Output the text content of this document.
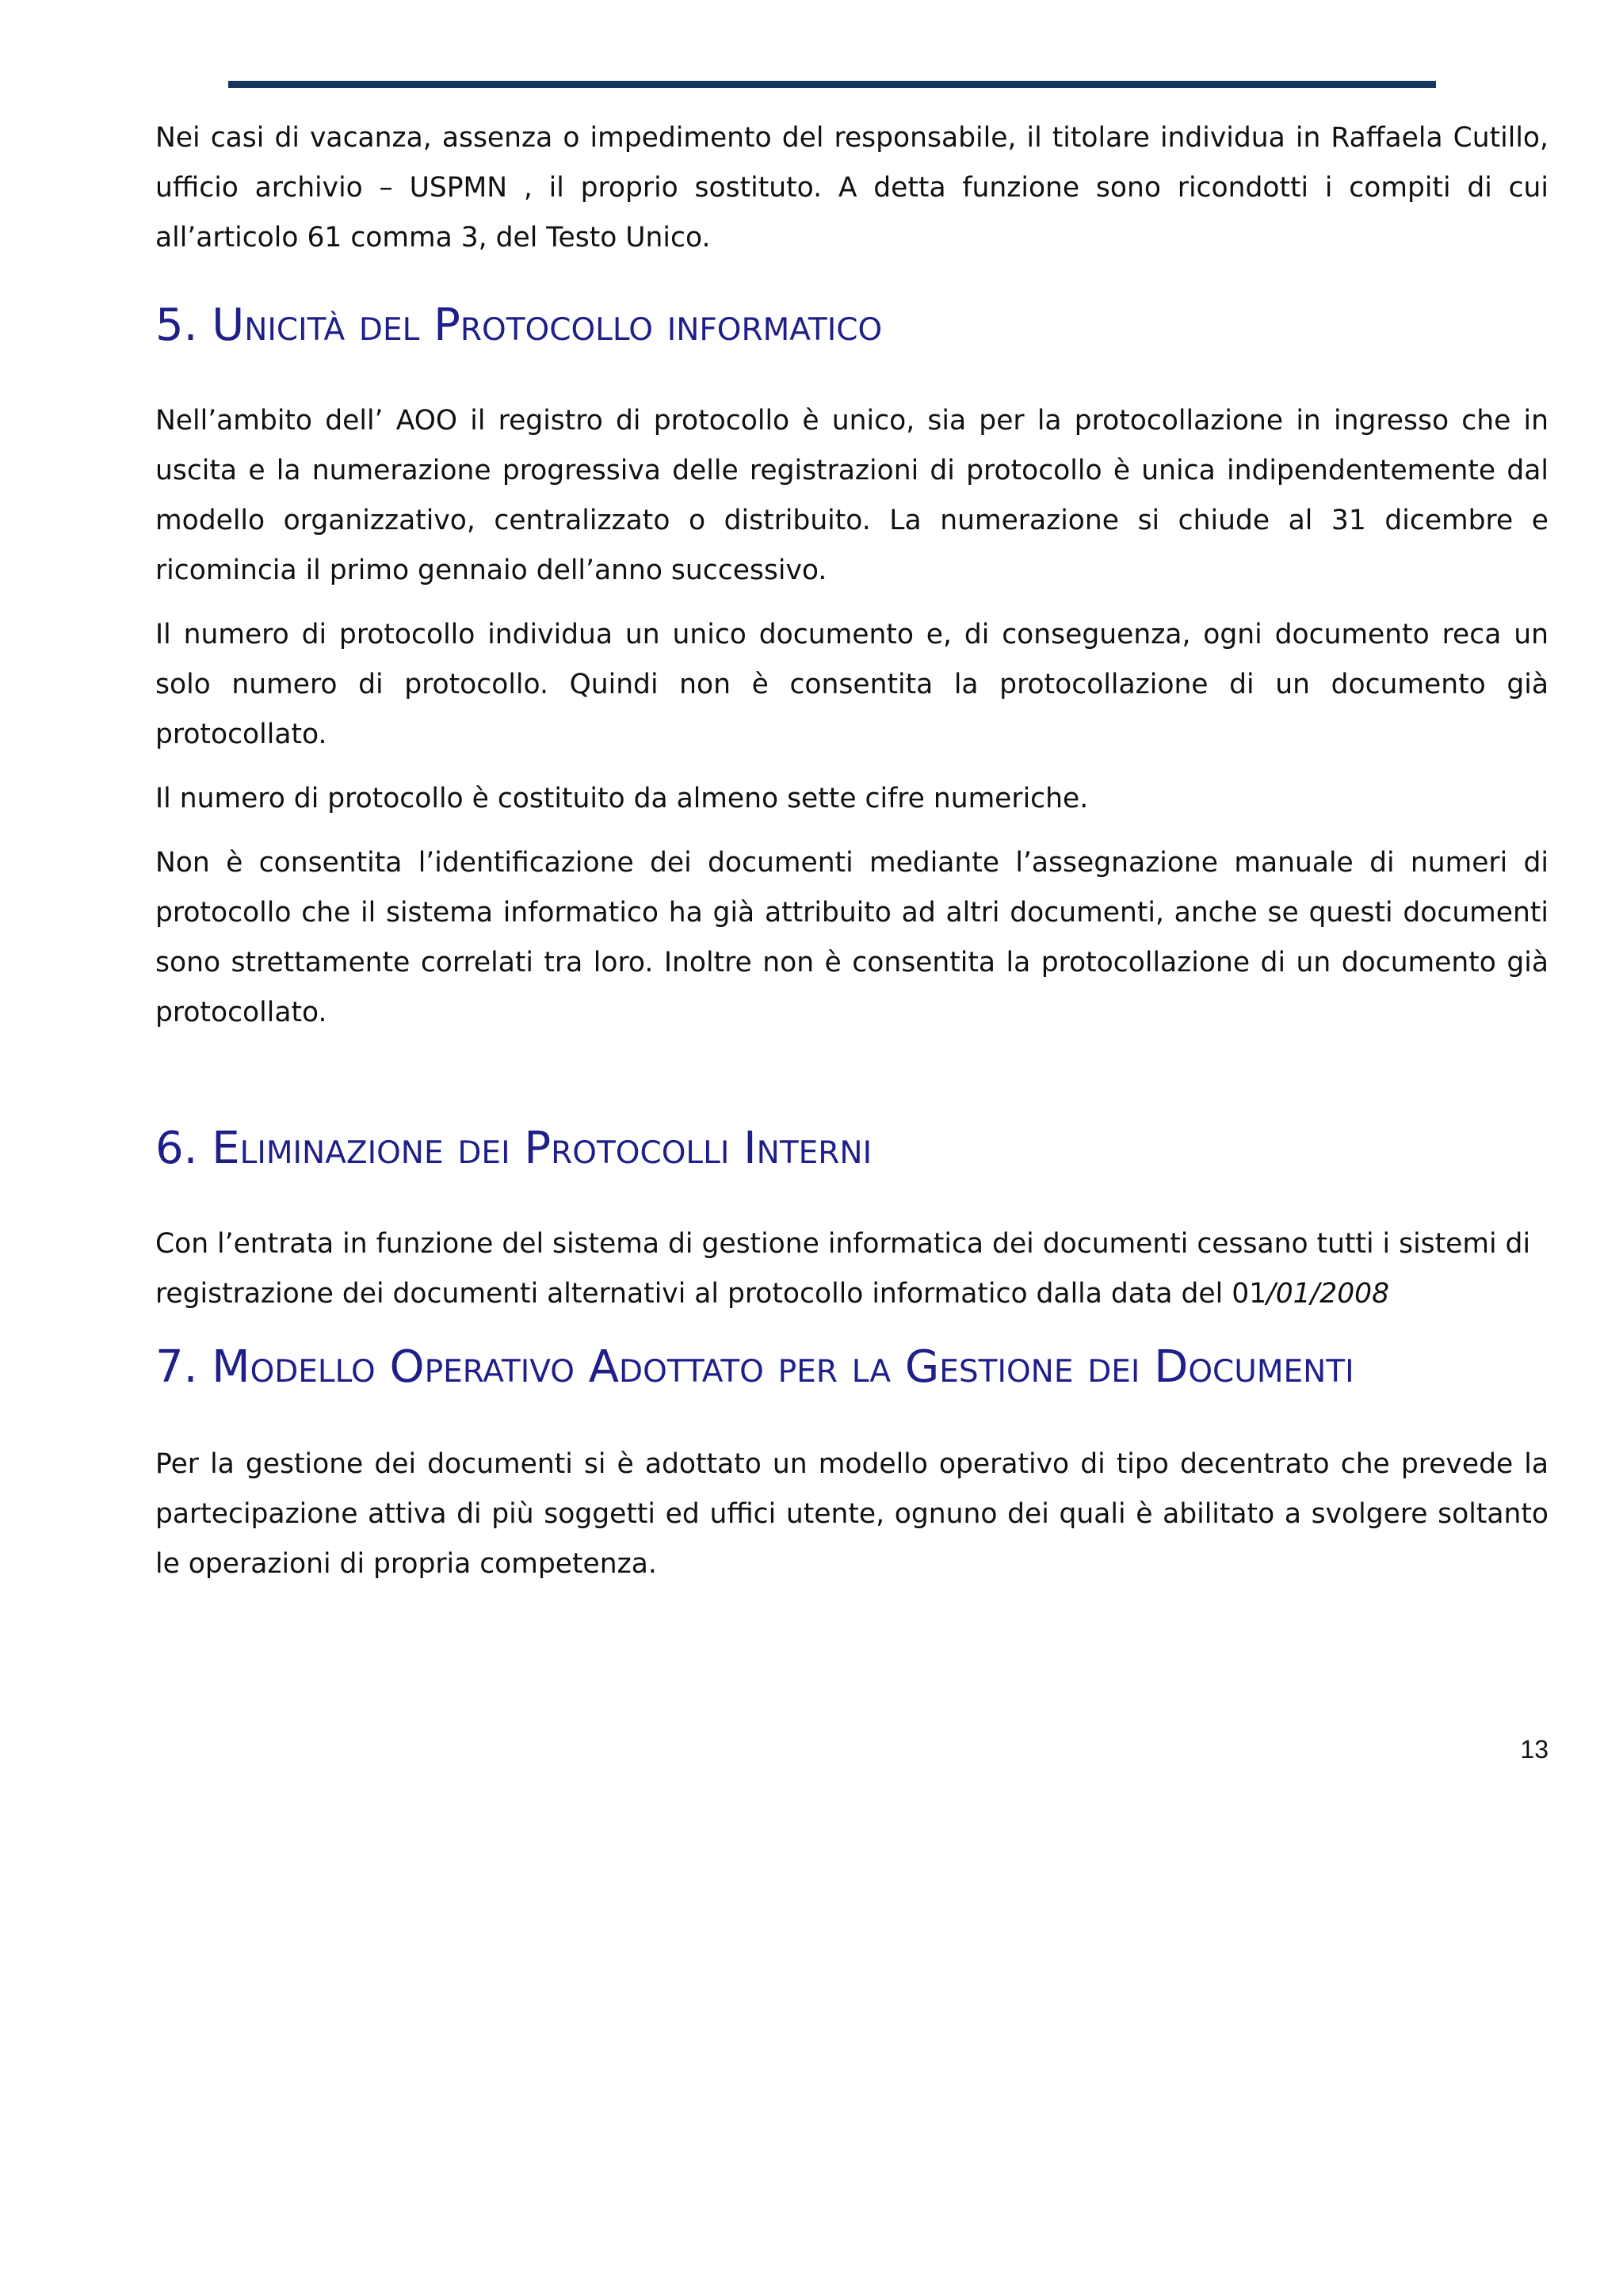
Nei casi di vacanza, assenza o impedimento del responsabile, il titolare individua in Raffaela Cutillo, ufficio archivio – USPMN , il proprio sostituto. A detta funzione sono ricondotti i compiti di cui all’articolo 61 comma 3, del Testo Unico.

5. Unicità del Protocollo informatico

Nell’ambito dell’ AOO il registro di protocollo è unico, sia per la protocollazione in ingresso che in uscita e la numerazione progressiva delle registrazioni di protocollo è unica indipendentemente dal modello organizzativo, centralizzato o distribuito. La numerazione si chiude al 31 dicembre e ricomincia il primo gennaio dell’anno successivo.

Il numero di protocollo individua un unico documento e, di conseguenza, ogni documento reca un solo numero di protocollo. Quindi non è consentita la protocollazione di un documento già protocollato.

Il numero di protocollo è costituito da almeno sette cifre numeriche.

Non è consentita l’identificazione dei documenti mediante l’assegnazione manuale di numeri di protocollo che il sistema informatico ha già attribuito ad altri documenti, anche se questi documenti sono strettamente correlati tra loro. Inoltre non è consentita la protocollazione di un documento già protocollato.

6. Eliminazione dei Protocolli Interni

Con l’entrata in funzione del sistema di gestione informatica dei documenti cessano tutti i sistemi di registrazione dei documenti alternativi al protocollo informatico dalla data del 01/01/2008

7. Modello Operativo Adottato per la Gestione dei Documenti

Per la gestione dei documenti si è adottato un modello operativo di tipo decentrato che prevede la partecipazione attiva di più soggetti ed uffici utente, ognuno dei quali è abilitato a svolgere soltanto le operazioni di propria competenza.

13
